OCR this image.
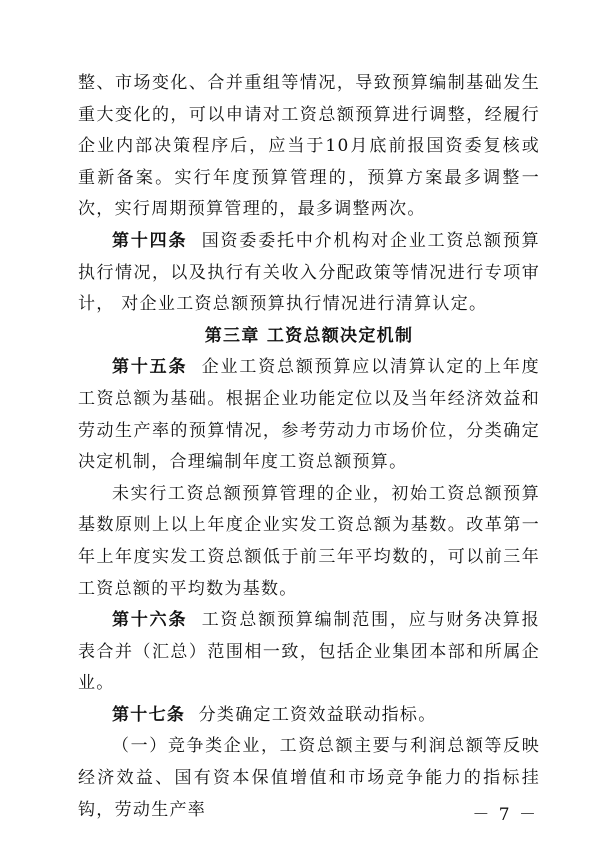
整、市场变化、合并重组等情况，导致预算编制基础发生重大变化的，可以申请对工资总额预算进行调整，经履行企业内部决策程序后，应当于10月底前报国资委复核或重新备案。实行年度预算管理的，预算方案最多调整一次，实行周期预算管理的，最多调整两次。

第十四条 国资委委托中介机构对企业工资总额预算执行情况，以及执行有关收入分配政策等情况进行专项审计， 对企业工资总额预算执行情况进行清算认定。

第三章 工资总额决定机制

第十五条 企业工资总额预算应以清算认定的上年度工资总额为基础。根据企业功能定位以及当年经济效益和劳动生产率的预算情况，参考劳动力市场价位，分类确定决定机制，合理编制年度工资总额预算。

未实行工资总额预算管理的企业，初始工资总额预算基数原则上以上年度企业实发工资总额为基数。改革第一年上年度实发工资总额低于前三年平均数的，可以前三年工资总额的平均数为基数。

第十六条 工资总额预算编制范围，应与财务决算报表合并（汇总）范围相一致，包括企业集团本部和所属企业。

第十七条 分类确定工资效益联动指标。

（一）竞争类企业，工资总额主要与利润总额等反映经济效益、国有资本保值增值和市场竞争能力的指标挂钩，劳动生产率	－ 7 －
